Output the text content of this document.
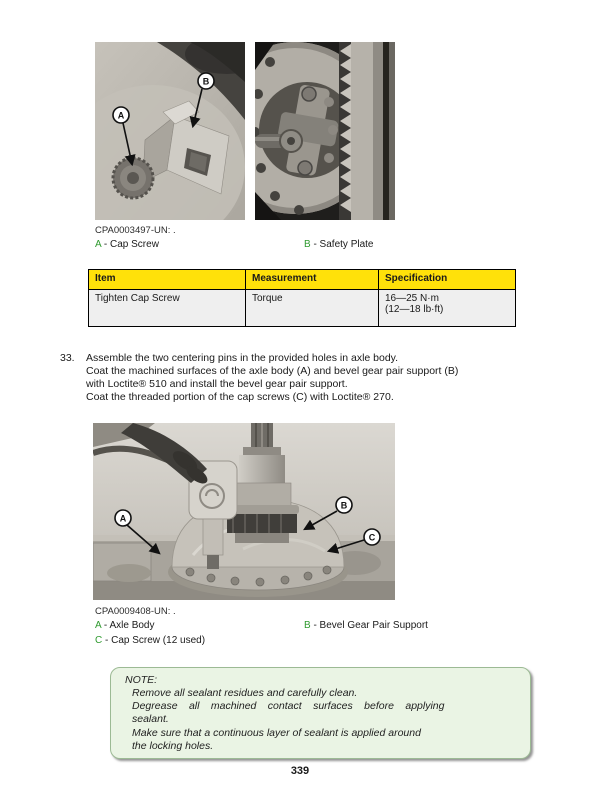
A
B
CPA0003497-UN: .
A - Cap Screw	B - Safety Plate
Item	Measurement	Specification
Tighten Cap Screw	Torque	16—25 N·m
(12—18 lb·ft)
33.	Assemble the two centering pins in the provided holes in axle body.
Coat the machined surfaces of the axle body (A) and bevel gear pair support (B)
with Loctite® 510 and install the bevel gear pair support.
Coat the threaded portion of the cap screws (C) with Loctite® 270.
A
B
C
CPA0009408-UN: .
A - Axle Body	B - Bevel Gear Pair Support
C - Cap Screw (12 used)
NOTE:
Remove all sealant residues and carefully clean.
Degrease all machined contact surfaces before applying
sealant.
Make sure that a continuous layer of sealant is applied around
the locking holes.
339
